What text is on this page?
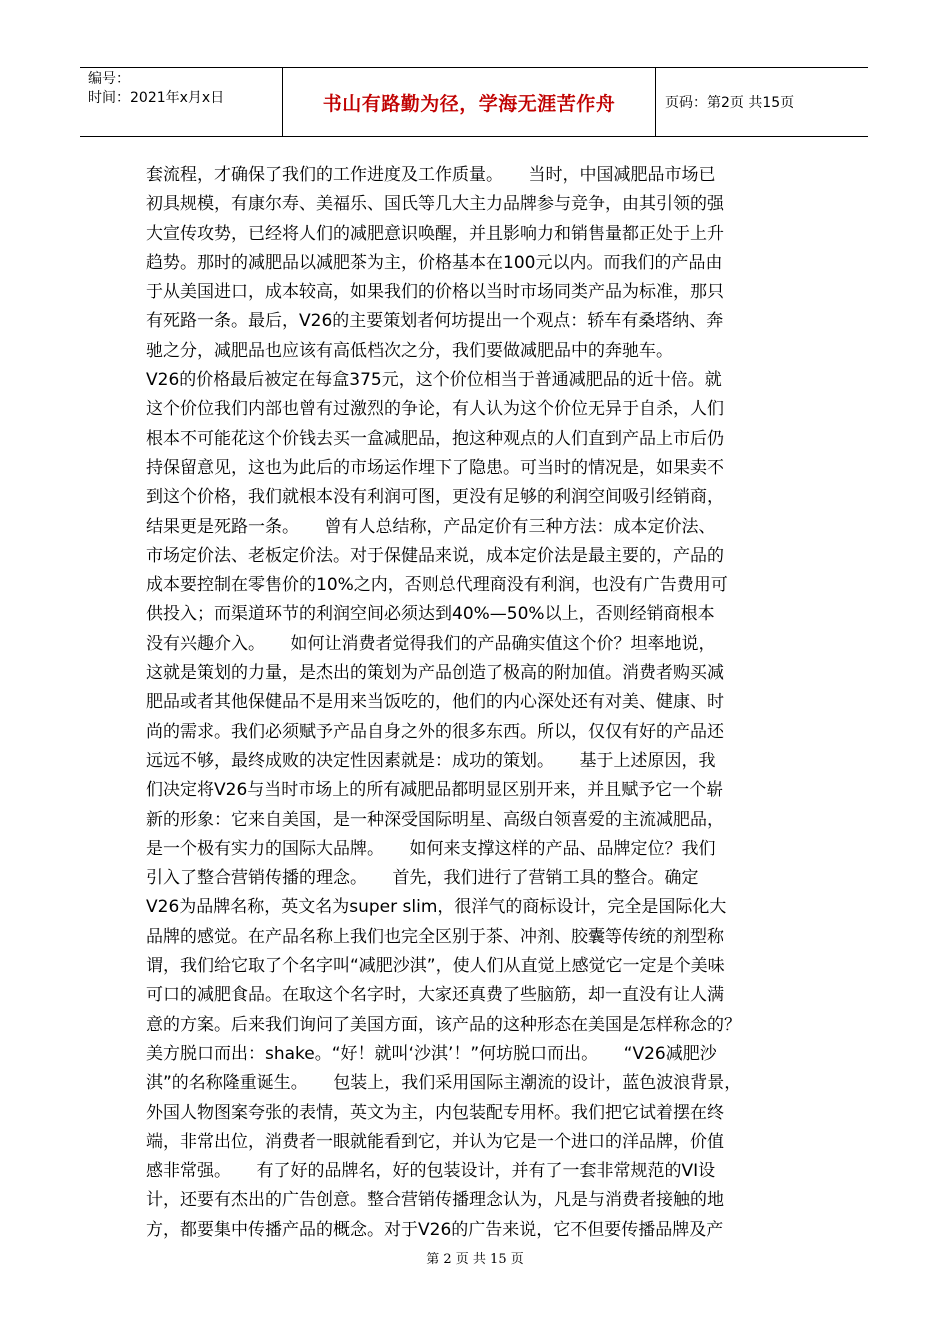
编号：
时间：2021年x月x日	书山有路勤为径，学海无涯苦作舟	页码：第2页 共15页
套流程，才确保了我们的工作进度及工作质量。　　当时，中国减肥品市场已
初具规模，有康尔寿、美福乐、国氏等几大主力品牌参与竞争，由其引领的强
大宣传攻势，已经将人们的减肥意识唤醒，并且影响力和销售量都正处于上升
趋势。那时的减肥品以减肥茶为主，价格基本在100元以内。而我们的产品由
于从美国进口，成本较高，如果我们的价格以当时市场同类产品为标准，那只
有死路一条。最后，V26的主要策划者何坊提出一个观点：轿车有桑塔纳、奔
驰之分，减肥品也应该有高低档次之分，我们要做减肥品中的奔驰车。
V26的价格最后被定在每盒375元，这个价位相当于普通减肥品的近十倍。就
这个价位我们内部也曾有过激烈的争论，有人认为这个价位无异于自杀，人们
根本不可能花这个价钱去买一盒减肥品，抱这种观点的人们直到产品上市后仍
持保留意见，这也为此后的市场运作埋下了隐患。可当时的情况是，如果卖不
到这个价格，我们就根本没有利润可图，更没有足够的利润空间吸引经销商，
结果更是死路一条。　　曾有人总结称，产品定价有三种方法：成本定价法、
市场定价法、老板定价法。对于保健品来说，成本定价法是最主要的，产品的
成本要控制在零售价的10%之内，否则总代理商没有利润，也没有广告费用可
供投入；而渠道环节的利润空间必须达到40%—50%以上，否则经销商根本
没有兴趣介入。　　如何让消费者觉得我们的产品确实值这个价？坦率地说，
这就是策划的力量，是杰出的策划为产品创造了极高的附加值。消费者购买减
肥品或者其他保健品不是用来当饭吃的，他们的内心深处还有对美、健康、时
尚的需求。我们必须赋予产品自身之外的很多东西。所以，仅仅有好的产品还
远远不够，最终成败的决定性因素就是：成功的策划。　　基于上述原因，我
们决定将V26与当时市场上的所有减肥品都明显区别开来，并且赋予它一个崭
新的形象：它来自美国，是一种深受国际明星、高级白领喜爱的主流减肥品，
是一个极有实力的国际大品牌。　　如何来支撑这样的产品、品牌定位？我们
引入了整合营销传播的理念。　　首先，我们进行了营销工具的整合。确定
V26为品牌名称，英文名为super slim，很洋气的商标设计，完全是国际化大
品牌的感觉。在产品名称上我们也完全区别于茶、冲剂、胶囊等传统的剂型称
谓，我们给它取了个名字叫“减肥沙淇”，使人们从直觉上感觉它一定是个美味
可口的减肥食品。在取这个名字时，大家还真费了些脑筋，却一直没有让人满
意的方案。后来我们询问了美国方面，该产品的这种形态在美国是怎样称念的？
美方脱口而出：shake。“好！就叫‘沙淇’！”何坊脱口而出。　　“V26减肥沙
淇”的名称隆重诞生。　　包装上，我们采用国际主潮流的设计，蓝色波浪背景，
外国人物图案夸张的表情，英文为主，内包装配专用杯。我们把它试着摆在终
端，非常出位，消费者一眼就能看到它，并认为它是一个进口的洋品牌，价值
感非常强。　　有了好的品牌名，好的包装设计，并有了一套非常规范的VI设
计，还要有杰出的广告创意。整合营销传播理念认为，凡是与消费者接触的地
方，都要集中传播产品的概念。对于V26的广告来说，它不但要传播品牌及产
第 2 页 共 15 页
